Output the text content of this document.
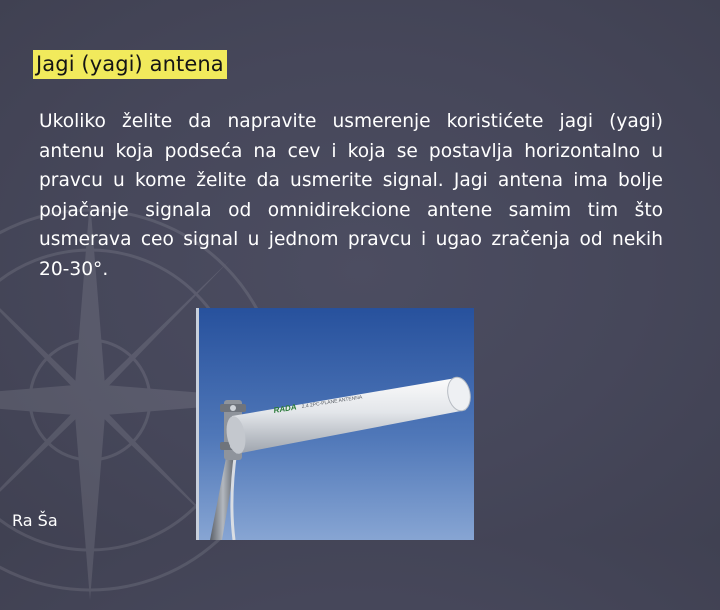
Jagi (yagi) antena

Ukoliko želite da napravite usmerenje koristićete jagi (yagi) antenu koja podseća na cev i koja se postavlja horizontalno u pravcu u kome želite da usmerite signal. Jagi antena ima bolje pojačanje signala od omnidirekcione antene samim tim što usmerava ceo signal u jednom pravcu i ugao zračenja od nekih 20-30°.

RADA 2.4 2PC-PLANE ANTENNA
Ra Ša
